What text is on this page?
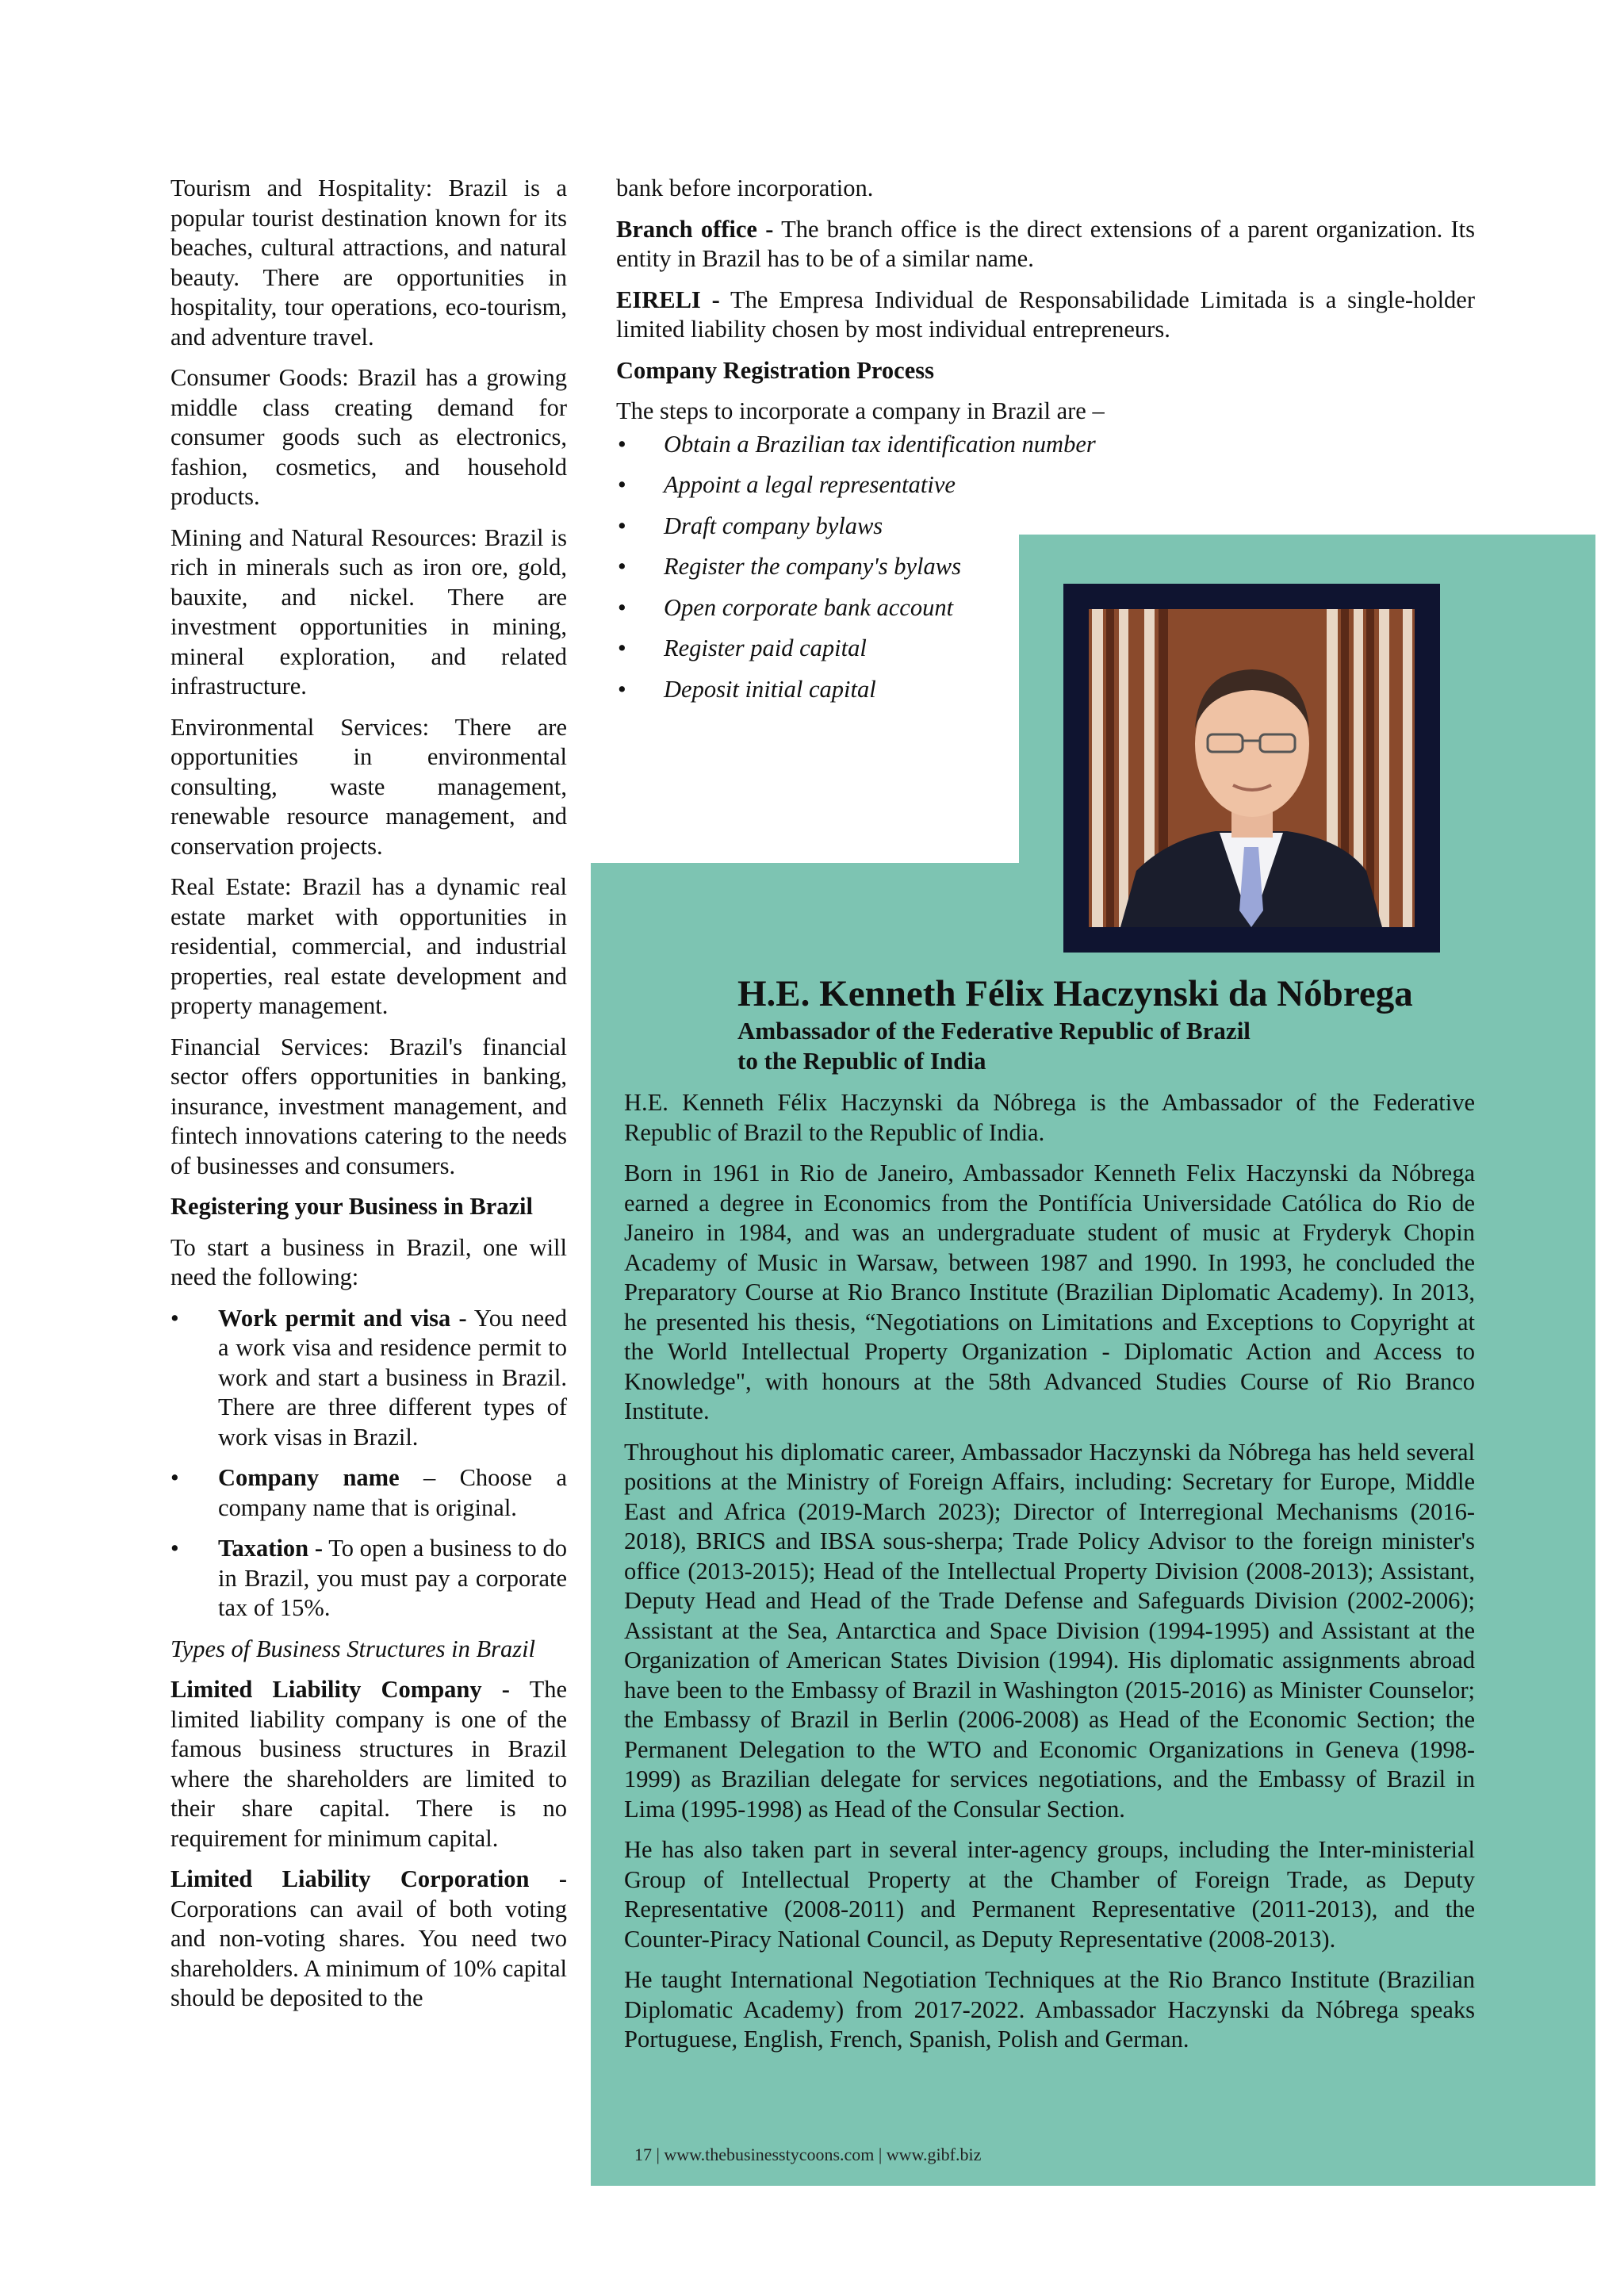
Tourism and Hospitality: Brazil is a popular tourist destination known for its beaches, cultural attractions, and natural beauty. There are opportunities in hospitality, tour operations, eco-tourism, and adventure travel.

Consumer Goods: Brazil has a growing middle class creating demand for consumer goods such as electronics, fashion, cosmetics, and household products.

Mining and Natural Resources: Brazil is rich in minerals such as iron ore, gold, bauxite, and nickel. There are investment opportunities in mining, mineral exploration, and related infrastructure.

Environmental Services: There are opportunities in environmental consulting, waste management, renewable resource management, and conservation projects.

Real Estate: Brazil has a dynamic real estate market with opportunities in residential, commercial, and industrial properties, real estate development and property management.

Financial Services: Brazil's financial sector offers opportunities in banking, insurance, investment management, and fintech innovations catering to the needs of businesses and consumers.

Registering your Business in Brazil

To start a business in Brazil, one will need the following:

• Work permit and visa - You need a work visa and residence permit to work and start a business in Brazil. There are three different types of work visas in Brazil.
• Company name – Choose a company name that is original.
• Taxation - To open a business to do in Brazil, you must pay a corporate tax of 15%.

Types of Business Structures in Brazil

Limited Liability Company - The limited liability company is one of the famous business structures in Brazil where the shareholders are limited to their share capital. There is no requirement for minimum capital.

Limited Liability Corporation - Corporations can avail of both voting and non-voting shares. You need two shareholders. A minimum of 10% capital should be deposited to the

bank before incorporation.

Branch office - The branch office is the direct extensions of a parent organization. Its entity in Brazil has to be of a similar name.

EIRELI - The Empresa Individual de Responsabilidade Limitada is a single-holder limited liability chosen by most individual entrepreneurs.

Company Registration Process

The steps to incorporate a company in Brazil are –

• Obtain a Brazilian tax identification number
• Appoint a legal representative
• Draft company bylaws
• Register the company's bylaws
• Open corporate bank account
• Register paid capital
• Deposit initial capital

H.E. Kenneth Félix Haczynski da Nóbrega

Ambassador of the Federative Republic of Brazil

to the Republic of India

H.E. Kenneth Félix Haczynski da Nóbrega is the Ambassador of the Federative Republic of Brazil to the Republic of India.

Born in 1961 in Rio de Janeiro, Ambassador Kenneth Felix Haczynski da Nóbrega earned a degree in Economics from the Pontifícia Universidade Católica do Rio de Janeiro in 1984, and was an undergraduate student of music at Fryderyk Chopin Academy of Music in Warsaw, between 1987 and 1990. In 1993, he concluded the Preparatory Course at Rio Branco Institute (Brazilian Diplomatic Academy). In 2013, he presented his thesis, “Negotiations on Limitations and Exceptions to Copyright at the World Intellectual Property Organization - Diplomatic Action and Access to Knowledge", with honours at the 58th Advanced Studies Course of Rio Branco Institute.

Throughout his diplomatic career, Ambassador Haczynski da Nóbrega has held several positions at the Ministry of Foreign Affairs, including: Secretary for Europe, Middle East and Africa (2019-March 2023); Director of Interregional Mechanisms (2016-2018), BRICS and IBSA sous-sherpa; Trade Policy Advisor to the foreign minister's office (2013-2015); Head of the Intellectual Property Division (2008-2013); Assistant, Deputy Head and Head of the Trade Defense and Safeguards Division (2002-2006); Assistant at the Sea, Antarctica and Space Division (1994-1995) and Assistant at the Organization of American States Division (1994). His diplomatic assignments abroad have been to the Embassy of Brazil in Washington (2015-2016) as Minister Counselor; the Embassy of Brazil in Berlin (2006-2008) as Head of the Economic Section; the Permanent Delegation to the WTO and Economic Organizations in Geneva (1998-1999) as Brazilian delegate for services negotiations, and the Embassy of Brazil in Lima (1995-1998) as Head of the Consular Section.

He has also taken part in several inter-agency groups, including the Inter-ministerial Group of Intellectual Property at the Chamber of Foreign Trade, as Deputy Representative (2008-2011) and Permanent Representative (2011-2013), and the Counter-Piracy National Council, as Deputy Representative (2008-2013).

He taught International Negotiation Techniques at the Rio Branco Institute (Brazilian Diplomatic Academy) from 2017-2022. Ambassador Haczynski da Nóbrega speaks Portuguese, English, French, Spanish, Polish and German.

17 | www.thebusinesstycoons.com | www.gibf.biz
